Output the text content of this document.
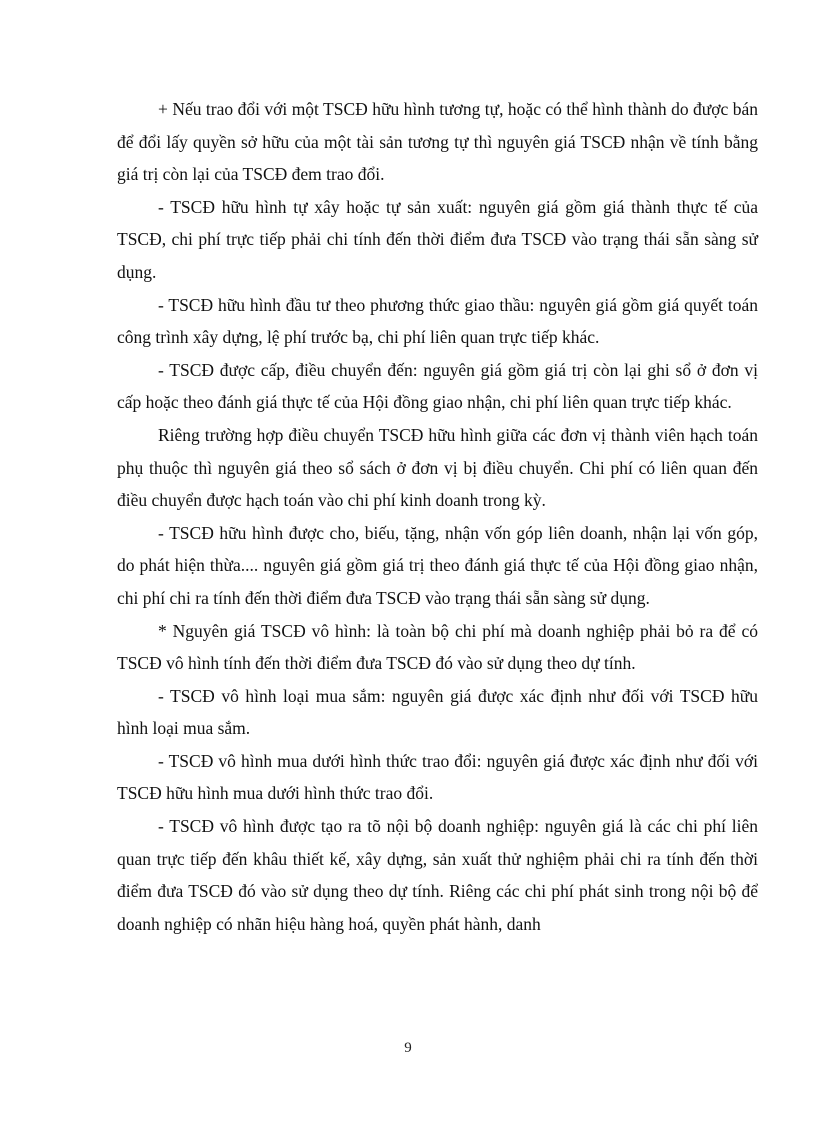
+ Nếu trao đổi với một TSCĐ hữu hình tương tự, hoặc có thể hình thành do được bán để đổi lấy quyền sở hữu của một tài sản tương tự thì nguyên giá TSCĐ nhận về tính bằng giá trị còn lại của TSCĐ đem trao đổi.

- TSCĐ hữu hình tự xây hoặc tự sản xuất: nguyên giá gồm giá thành thực tế của TSCĐ, chi phí trực tiếp phải chi tính đến thời điểm đưa TSCĐ vào trạng thái sẵn sàng sử dụng.

- TSCĐ hữu hình đầu tư theo phương thức giao thầu: nguyên giá gồm giá quyết toán công trình xây dựng, lệ phí trước bạ, chi phí liên quan trực tiếp khác.

- TSCĐ được cấp, điều chuyển đến: nguyên giá gồm giá trị còn lại ghi sổ ở đơn vị cấp hoặc theo đánh giá thực tế của Hội đồng giao nhận, chi phí liên quan trực tiếp khác.

Riêng trường hợp điều chuyển TSCĐ hữu hình giữa các đơn vị thành viên hạch toán phụ thuộc thì nguyên giá theo sổ sách ở đơn vị bị điều chuyển. Chi phí có liên quan đến điều chuyển được hạch toán vào chi phí kinh doanh trong kỳ.

- TSCĐ hữu hình được cho, biếu, tặng, nhận vốn góp liên doanh, nhận lại vốn góp, do phát hiện thừa.... nguyên giá gồm giá trị theo đánh giá thực tế của Hội đồng giao nhận, chi phí chi ra tính đến thời điểm đưa TSCĐ vào trạng thái sẵn sàng sử dụng.

* Nguyên giá TSCĐ vô hình: là toàn bộ chi phí mà doanh nghiệp phải bỏ ra để có TSCĐ vô hình tính đến thời điểm đưa TSCĐ đó vào sử dụng theo dự tính.

- TSCĐ vô hình loại mua sắm: nguyên giá được xác định như đối với TSCĐ hữu hình loại mua sắm.

- TSCĐ vô hình mua dưới hình thức trao đổi: nguyên giá được xác định như đối với TSCĐ hữu hình mua dưới hình thức trao đổi.

- TSCĐ vô hình được tạo ra tõ nội bộ doanh nghiệp: nguyên giá là các chi phí liên quan trực tiếp đến khâu thiết kế, xây dựng, sản xuất thử nghiệm phải chi ra tính đến thời điểm đưa TSCĐ đó vào sử dụng theo dự tính. Riêng các chi phí phát sinh trong nội bộ để doanh nghiệp có nhãn hiệu hàng hoá, quyền phát hành, danh

9
